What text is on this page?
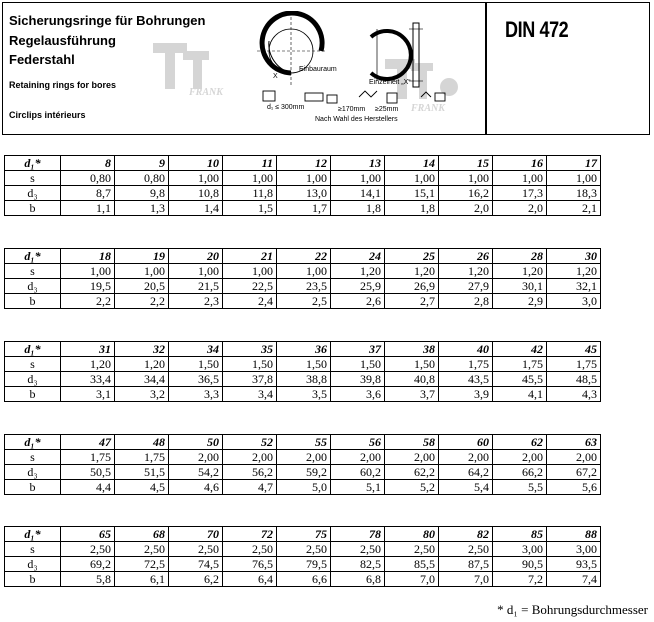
Sicherungsringe für Bohrungen
Regelausführung
Federstahl
Retaining rings for bores
Circlips intérieurs
FRANK
FRANK
Einbauraum
X
Einzelheit „X“
d₁ ≤ 300mm	≥170mm ≥25mm
Nach Wahl des Herstellers
DIN 472
d₁*	8	9	10	11	12	13	14	15	16	17
s	0,80	0,80	1,00	1,00	1,00	1,00	1,00	1,00	1,00	1,00
d₃	8,7	9,8	10,8	11,8	13,0	14,1	15,1	16,2	17,3	18,3
b	1,1	1,3	1,4	1,5	1,7	1,8	1,8	2,0	2,0	2,1
d₁*	18	19	20	21	22	24	25	26	28	30
s	1,00	1,00	1,00	1,00	1,00	1,20	1,20	1,20	1,20	1,20
d₃	19,5	20,5	21,5	22,5	23,5	25,9	26,9	27,9	30,1	32,1
b	2,2	2,2	2,3	2,4	2,5	2,6	2,7	2,8	2,9	3,0
d₁*	31	32	34	35	36	37	38	40	42	45
s	1,20	1,20	1,50	1,50	1,50	1,50	1,50	1,75	1,75	1,75
d₃	33,4	34,4	36,5	37,8	38,8	39,8	40,8	43,5	45,5	48,5
b	3,1	3,2	3,3	3,4	3,5	3,6	3,7	3,9	4,1	4,3
d₁*	47	48	50	52	55	56	58	60	62	63
s	1,75	1,75	2,00	2,00	2,00	2,00	2,00	2,00	2,00	2,00
d₃	50,5	51,5	54,2	56,2	59,2	60,2	62,2	64,2	66,2	67,2
b	4,4	4,5	4,6	4,7	5,0	5,1	5,2	5,4	5,5	5,6
d₁*	65	68	70	72	75	78	80	82	85	88
s	2,50	2,50	2,50	2,50	2,50	2,50	2,50	2,50	3,00	3,00
d₃	69,2	72,5	74,5	76,5	79,5	82,5	85,5	87,5	90,5	93,5
b	5,8	6,1	6,2	6,4	6,6	6,8	7,0	7,0	7,2	7,4
* d₁ = Bohrungsdurchmesser
